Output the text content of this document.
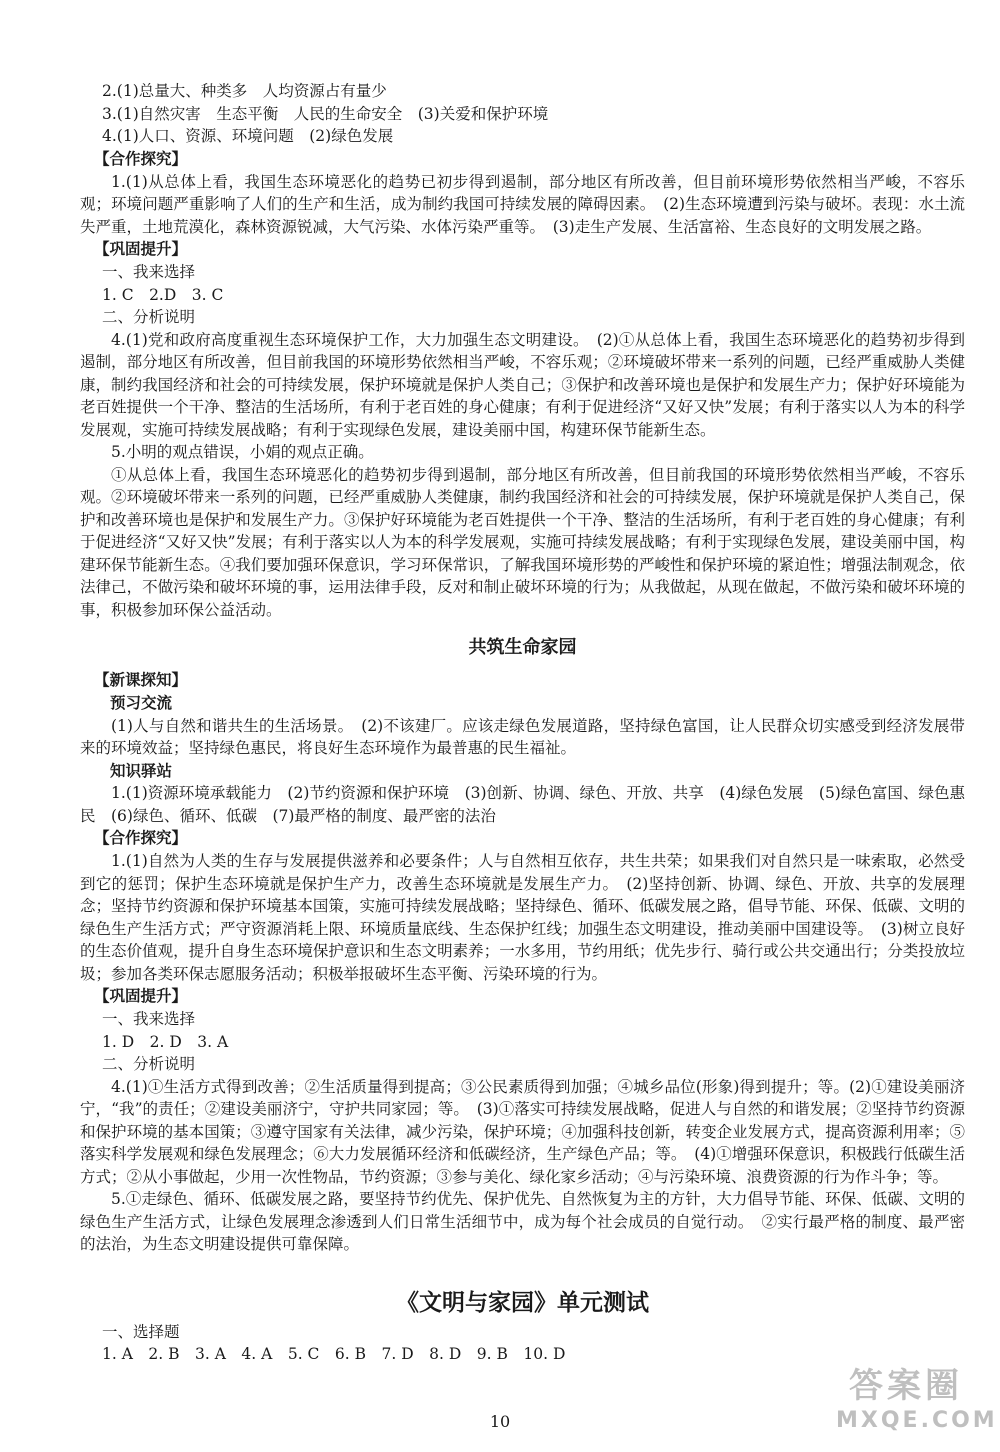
2.(1)总量大、种类多　人均资源占有量少

3.(1)自然灾害　生态平衡　人民的生命安全　(3)关爱和保护环境

4.(1)人口、资源、环境问题　(2)绿色发展

【合作探究】

1.(1)从总体上看，我国生态环境恶化的趋势已初步得到遏制，部分地区有所改善，但目前环境形势依然相当严峻，不容乐观；环境问题严重影响了人们的生产和生活，成为制约我国可持续发展的障碍因素。　(2)生态环境遭到污染与破坏。表现：水土流失严重，土地荒漠化，森林资源锐减，大气污染、水体污染严重等。　(3)走生产发展、生活富裕、生态良好的文明发展之路。

【巩固提升】

一、我来选择

1. C　2.D　3. C

二、分析说明

4.(1)党和政府高度重视生态环境保护工作，大力加强生态文明建设。　(2)①从总体上看，我国生态环境恶化的趋势初步得到遏制，部分地区有所改善，但目前我国的环境形势依然相当严峻，不容乐观；②环境破坏带来一系列的问题，已经严重威胁人类健康，制约我国经济和社会的可持续发展，保护环境就是保护人类自己；③保护和改善环境也是保护和发展生产力；保护好环境能为老百姓提供一个干净、整洁的生活场所，有利于老百姓的身心健康；有利于促进经济“又好又快”发展；有利于落实以人为本的科学发展观，实施可持续发展战略；有利于实现绿色发展，建设美丽中国，构建环保节能新生态。

5.小明的观点错误，小娟的观点正确。

①从总体上看，我国生态环境恶化的趋势初步得到遏制，部分地区有所改善，但目前我国的环境形势依然相当严峻，不容乐观。②环境破坏带来一系列的问题，已经严重威胁人类健康，制约我国经济和社会的可持续发展，保护环境就是保护人类自己，保护和改善环境也是保护和发展生产力。③保护好环境能为老百姓提供一个干净、整洁的生活场所，有利于老百姓的身心健康；有利于促进经济“又好又快”发展；有利于落实以人为本的科学发展观，实施可持续发展战略；有利于实现绿色发展，建设美丽中国，构建环保节能新生态。④我们要加强环保意识，学习环保常识，了解我国环境形势的严峻性和保护环境的紧迫性；增强法制观念，依法律己，不做污染和破坏环境的事，运用法律手段，反对和制止破坏环境的行为；从我做起，从现在做起，不做污染和破坏环境的事，积极参加环保公益活动。

共筑生命家园

【新课探知】

预习交流

(1)人与自然和谐共生的生活场景。　(2)不该建厂。应该走绿色发展道路，坚持绿色富国，让人民群众切实感受到经济发展带来的环境效益；坚持绿色惠民，将良好生态环境作为最普惠的民生福祉。

知识驿站

1.(1)资源环境承载能力　(2)节约资源和保护环境　(3)创新、协调、绿色、开放、共享　(4)绿色发展　(5)绿色富国、绿色惠民　(6)绿色、循环、低碳　(7)最严格的制度、最严密的法治

【合作探究】

1.(1)自然为人类的生存与发展提供滋养和必要条件；人与自然相互依存，共生共荣；如果我们对自然只是一味索取，必然受到它的惩罚；保护生态环境就是保护生产力，改善生态环境就是发展生产力。　(2)坚持创新、协调、绿色、开放、共享的发展理念；坚持节约资源和保护环境基本国策，实施可持续发展战略；坚持绿色、循环、低碳发展之路，倡导节能、环保、低碳、文明的绿色生产生活方式；严守资源消耗上限、环境质量底线、生态保护红线；加强生态文明建设，推动美丽中国建设等。　(3)树立良好的生态价值观，提升自身生态环境保护意识和生态文明素养；一水多用，节约用纸；优先步行、骑行或公共交通出行；分类投放垃圾；参加各类环保志愿服务活动；积极举报破坏生态平衡、污染环境的行为。

【巩固提升】

一、我来选择

1. D　2. D　3. A

二、分析说明

4.(1)①生活方式得到改善；②生活质量得到提高；③公民素质得到加强；④城乡品位(形象)得到提升；等。(2)①建设美丽济宁，“我”的责任；②建设美丽济宁，守护共同家园；等。　(3)①落实可持续发展战略，促进人与自然的和谐发展；②坚持节约资源和保护环境的基本国策；③遵守国家有关法律，减少污染，保护环境；④加强科技创新，转变企业发展方式，提高资源利用率；⑤落实科学发展观和绿色发展理念；⑥大力发展循环经济和低碳经济，生产绿色产品；等。　(4)①增强环保意识，积极践行低碳生活方式；②从小事做起，少用一次性物品，节约资源；③参与美化、绿化家乡活动；④与污染环境、浪费资源的行为作斗争；等。

5.①走绿色、循环、低碳发展之路，要坚持节约优先、保护优先、自然恢复为主的方针，大力倡导节能、环保、低碳、文明的绿色生产生活方式，让绿色发展理念渗透到人们日常生活细节中，成为每个社会成员的自觉行动。　②实行最严格的制度、最严密的法治，为生态文明建设提供可靠保障。

《文明与家园》单元测试

一、选择题

1. A　2. B　3. A　4. A　5. C　6. B　7. D　8. D　9. B　10. D

10
答案圈
MXQE.COM
